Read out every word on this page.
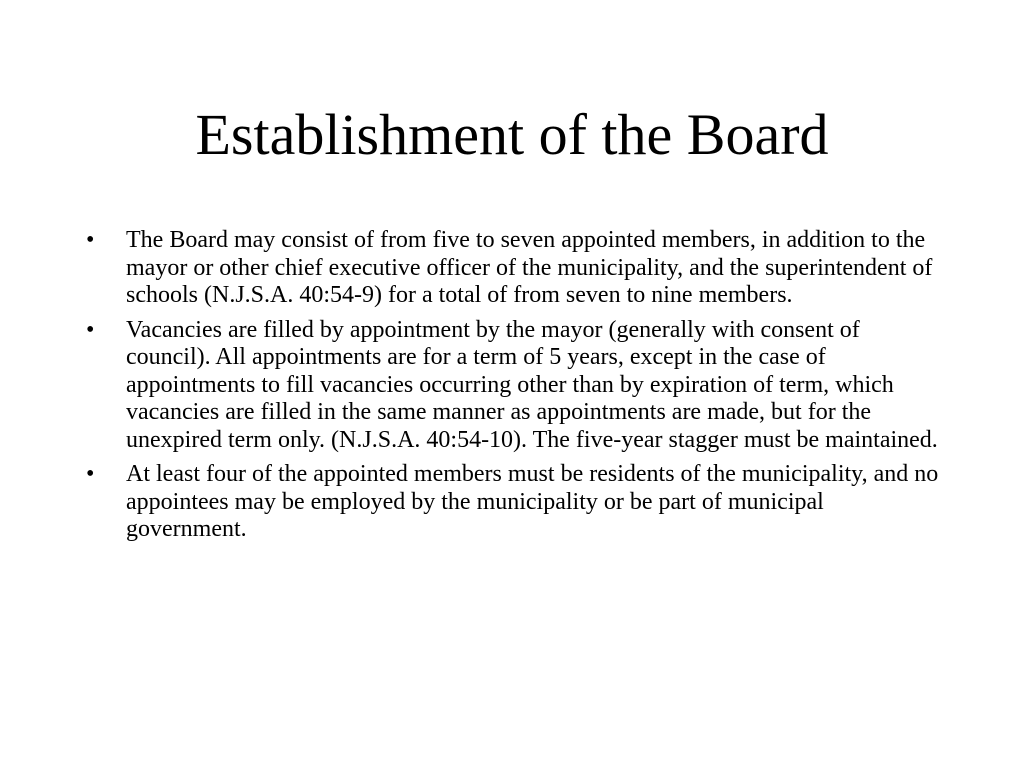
Establishment of the Board
•	The Board may consist of from five to seven appointed members, in addition to the mayor or other chief executive officer of the municipality, and the superintendent of schools (N.J.S.A. 40:54-9) for a total of from seven to nine members.
•	Vacancies are filled by appointment by the mayor (generally with consent of council). All appointments are for a term of 5 years, except in the case of appointments to fill vacancies occurring other than by expiration of term, which vacancies are filled in the same manner as appointments are made, but for the unexpired term only. (N.J.S.A. 40:54-10). The five-year stagger must be maintained.
•	At least four of the appointed members must be residents of the municipality, and no appointees may be employed by the municipality or be part of municipal government.
